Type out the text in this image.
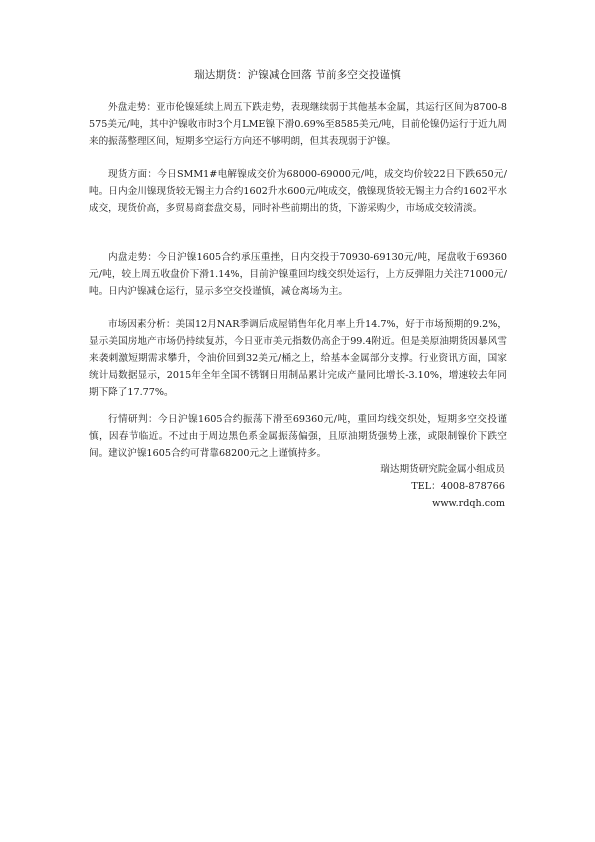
瑞达期货：沪镍减仓回落 节前多空交投谨慎

外盘走势：亚市伦镍延续上周五下跌走势，表现继续弱于其他基本金属，其运行区间为8700-8575美元/吨，其中沪镍收市时3个月LME镍下滑0.69%至8585美元/吨，目前伦镍仍运行于近九周来的振荡整理区间，短期多空运行方向还不够明朗，但其表现弱于沪镍。

现货方面：今日SMM1#电解镍成交价为68000-69000元/吨，成交均价较22日下跌650元/吨。日内金川镍现货较无锡主力合约1602升水600元/吨成交，俄镍现货较无锡主力合约1602平水成交，现货价高，多贸易商套盘交易，同时补些前期出的货，下游采购少，市场成交较清淡。

内盘走势：今日沪镍1605合约承压重挫，日内交投于70930-69130元/吨，尾盘收于69360元/吨，较上周五收盘价下滑1.14%，目前沪镍重回均线交织处运行，上方反弹阻力关注71000元/吨。日内沪镍减仓运行，显示多空交投谨慎，减仓离场为主。

市场因素分析：美国12月NAR季调后成屋销售年化月率上升14.7%，好于市场预期的9.2%，显示美国房地产市场仍持续复苏，今日亚市美元指数仍高企于99.4附近。但是美原油期货因暴风雪来袭刺激短期需求攀升，令油价回到32美元/桶之上，给基本金属部分支撑。行业资讯方面，国家统计局数据显示，2015年全年全国不锈钢日用制品累计完成产量同比增长-3.10%，增速较去年同期下降了17.77%。

行情研判：今日沪镍1605合约振荡下滑至69360元/吨，重回均线交织处，短期多空交投谨慎，因春节临近。不过由于周边黑色系金属振荡偏强，且原油期货强势上涨，或限制镍价下跌空间。建议沪镍1605合约可背靠68200元之上谨慎持多。

瑞达期货研究院金属小组成员
TEL：4008-878766
www.rdqh.com
